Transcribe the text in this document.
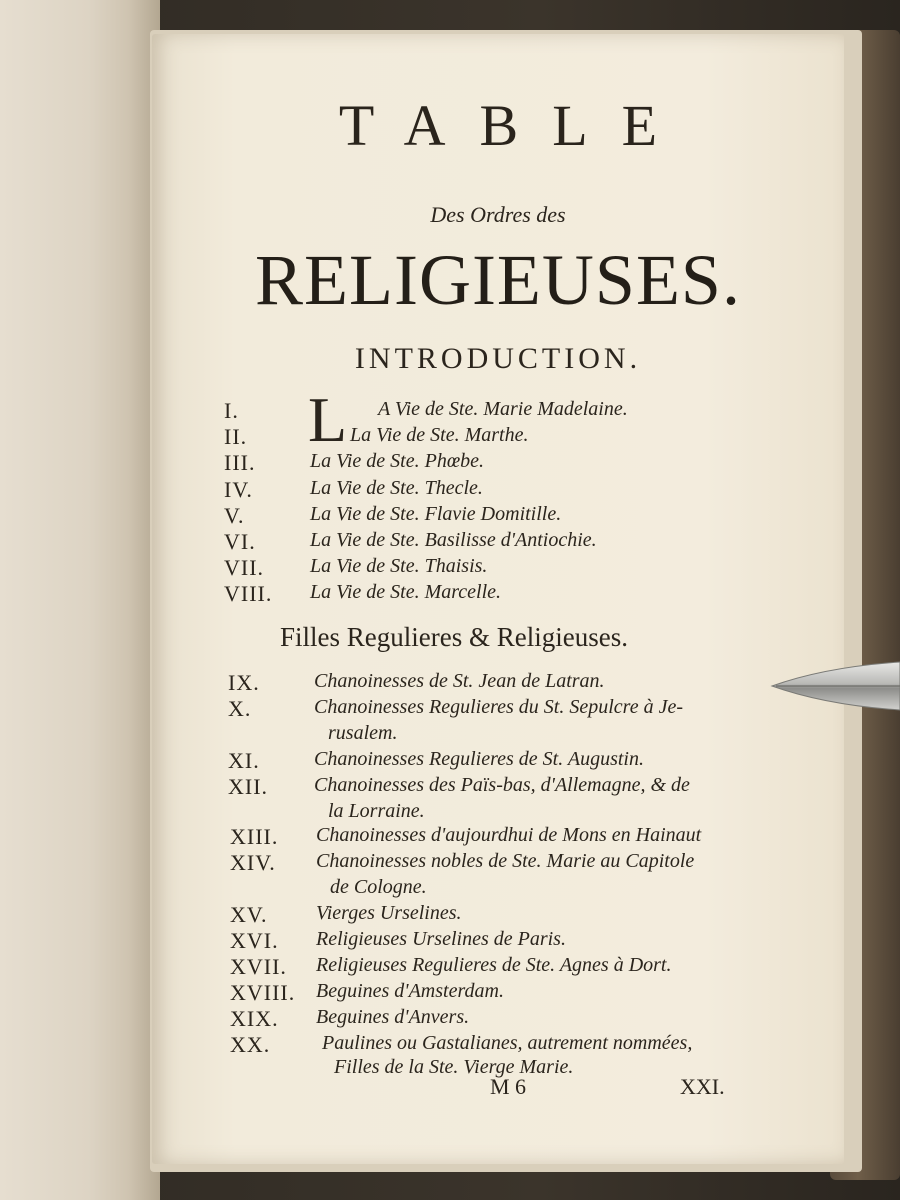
TABLE
Des Ordres des
RELIGIEUSES.
INTRODUCTION.
L
I.	A Vie de Ste. Marie Madelaine.
II.	La Vie de Ste. Marthe.
III.	La Vie de Ste. Phœbe.
IV.	La Vie de Ste. Thecle.
V.	La Vie de Ste. Flavie Domitille.
VI.	La Vie de Ste. Basilisse d'Antiochie.
VII. La Vie de Ste. Thaisis.
VIII. La Vie de Ste. Marcelle.
Filles Regulieres & Religieuses.
IX.	Chanoinesses de St. Jean de Latran.
X.	Chanoinesses Regulieres du St. Sepulcre à Je-
rusalem.
XI.	Chanoinesses Regulieres de St. Augustin.
XII. Chanoinesses des Païs-bas, d'Allemagne, & de
la Lorraine.
XIII. Chanoinesses d'aujourdhui de Mons en Hainaut
XIV. Chanoinesses nobles de Ste. Marie au Capitole
de Cologne.
XV. Vierges Urselines.
XVI. Religieuses Urselines de Paris.
XVII. Religieuses Regulieres de Ste. Agnes à Dort.
XVIII. Beguines d'Amsterdam.
XIX. Beguines d'Anvers.
XX.	Paulines ou Gastalianes, autrement nommées,
Filles de la Ste. Vierge Marie.
M 6	XXI.
